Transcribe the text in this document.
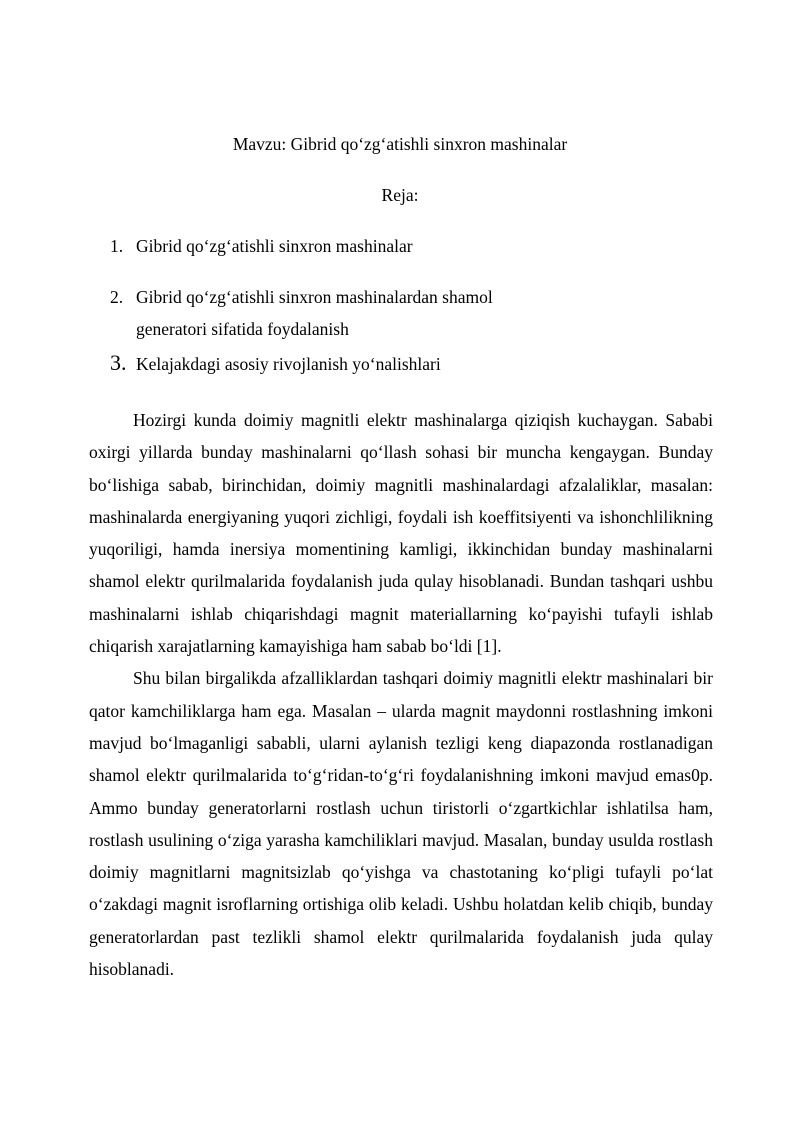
Mavzu: Gibrid qo‘zg‘atishli sinxron mashinalar
Reja:
1. Gibrid qo‘zg‘atishli sinxron mashinalar
2. Gibrid qo‘zg‘atishli sinxron mashinalardan shamol generatori sifatida foydalanish
3. Kelajakdagi asosiy rivojlanish yo‘nalishlari

Hozirgi kunda doimiy magnitli elektr mashinalarga qiziqish kuchaygan. Sababi oxirgi yillarda bunday mashinalarni qo‘llash sohasi bir muncha kengaygan. Bunday bo‘lishiga sabab, birinchidan, doimiy magnitli mashinalardagi afzalaliklar, masalan: mashinalarda energiyaning yuqori zichligi, foydali ish koeffitsiyenti va ishonchlilikning yuqoriligi, hamda inersiya momentining kamligi, ikkinchidan bunday mashinalarni shamol elektr qurilmalarida foydalanish juda qulay hisoblanadi. Bundan tashqari ushbu mashinalarni ishlab chiqarishdagi magnit materiallarning ko‘payishi tufayli ishlab chiqarish xarajatlarning kamayishiga ham sabab bo‘ldi [1].

Shu bilan birgalikda afzalliklardan tashqari doimiy magnitli elektr mashinalari bir qator kamchiliklarga ham ega. Masalan – ularda magnit maydonni rostlashning imkoni mavjud bo‘lmaganligi sababli, ularni aylanish tezligi keng diapazonda rostlanadigan shamol elektr qurilmalarida to‘g‘ridan-to‘g‘ri foydalanishning imkoni mavjud emas0p. Ammo bunday generatorlarni rostlash uchun tiristorli o‘zgartkichlar ishlatilsa ham, rostlash usulining o‘ziga yarasha kamchiliklari mavjud. Masalan, bunday usulda rostlash doimiy magnitlarni magnitsizlab qo‘yishga va chastotaning ko‘pligi tufayli po‘lat o‘zakdagi magnit isroflarning ortishiga olib keladi. Ushbu holatdan kelib chiqib, bunday generatorlardan past tezlikli shamol elektr qurilmalarida foydalanish juda qulay hisoblanadi.
